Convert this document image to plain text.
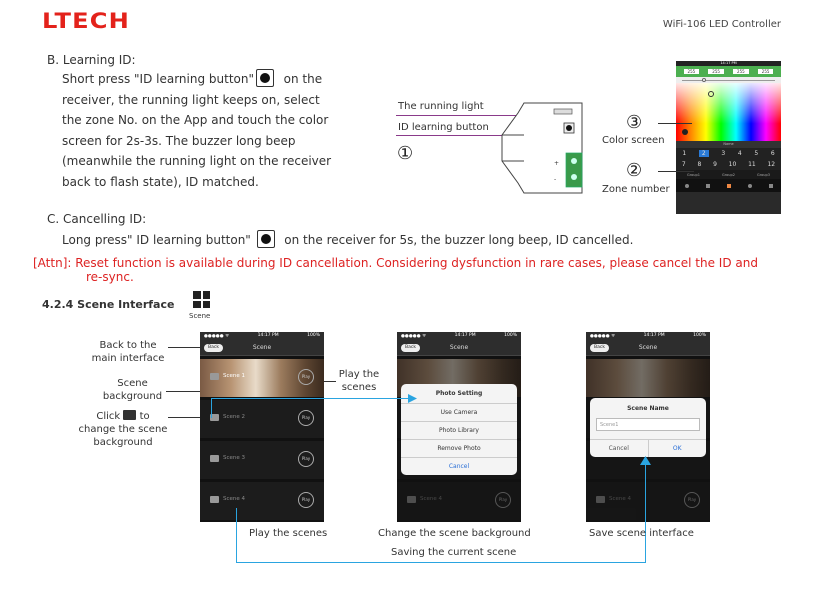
LTECH	WiFi-106 LED Controller
B. Learning ID:
Short press "ID learning button" on the
receiver, the running light keeps on, select
the zone No. on the App and touch the color
screen for 2s-3s. The buzzer long beep
(meanwhile the running light on the receiver
back to flash state), ID matched.
The running light
ID learning button
①	+
-
14:17 PM
255	255	255	255
Name
1	2	3 4 5 6
7 8 9 10 11 12
Group1	Group2	Group3
③
Color screen
②
Zone number
C. Cancelling ID:
Long press" ID learning button"	on the receiver for 5s, the buzzer long beep, ID cancelled.
[Attn]: Reset function is available during ID cancellation. Considering dysfunction in rare cases, please cancel the ID and
re-sync.
4.2.4 Scene Interface
Scene
Back to the main interface
Scene background
Click to change the scene background
Play the scenes
●●●●● ᯤ	14:17 PM	100%
Back	Scene
Scene 1	Play
Scene 2	Play
Scene 3	Play
Scene 4	Play
●●●●● ᯤ	14:17 PM	100%
Back	Scene
Scene 4	Play
Photo Setting
Use Camera
Photo Library
Remove Photo
Cancel
●●●●● ᯤ	14:17 PM	100%
Back	Scene
Scene 4	Play
Scene Name
Scene1
Cancel	OK
Play the scenes	Change the scene background	Save scene interface
Saving the current scene
